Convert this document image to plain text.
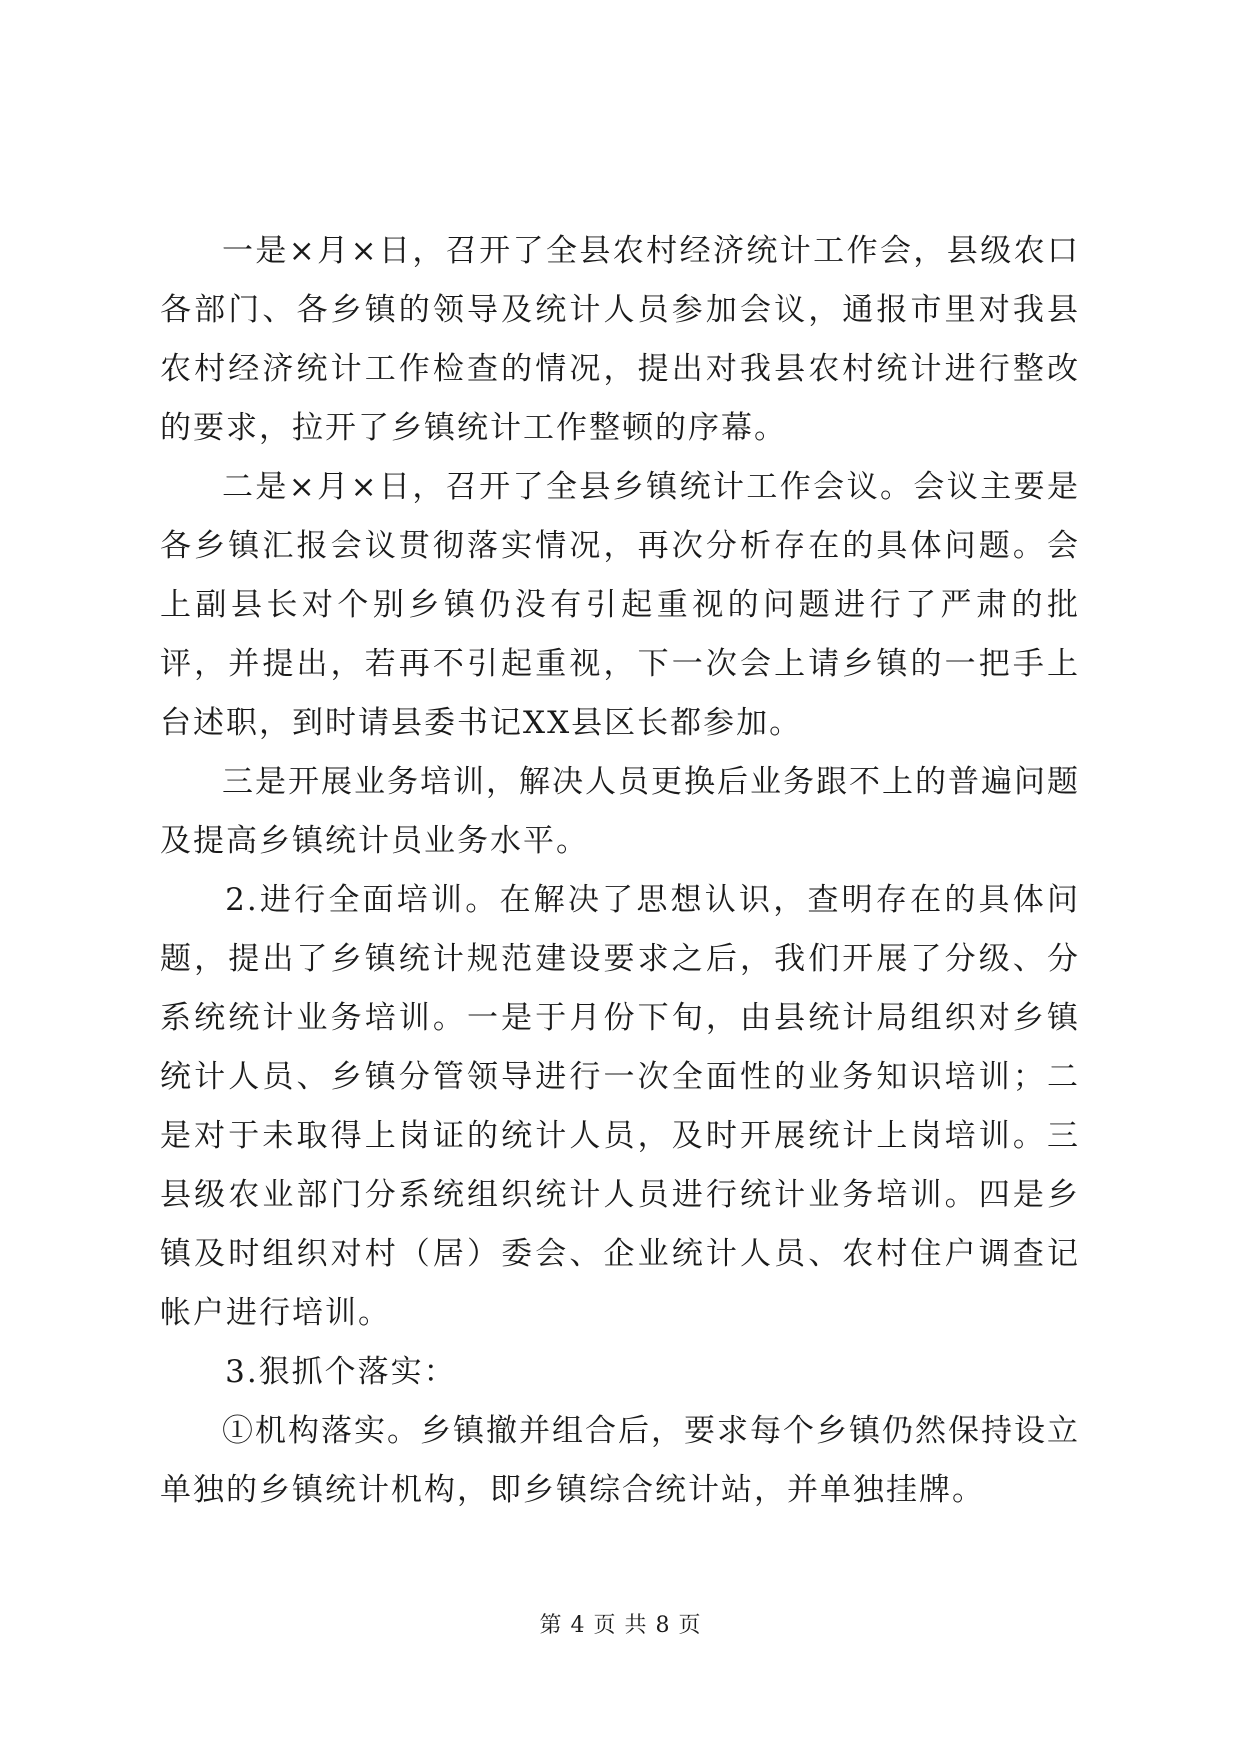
一是×月×日，召开了全县农村经济统计工作会，县级农口各部门、各乡镇的领导及统计人员参加会议，通报市里对我县农村经济统计工作检查的情况，提出对我县农村统计进行整改的要求，拉开了乡镇统计工作整顿的序幕。

二是×月×日，召开了全县乡镇统计工作会议。会议主要是各乡镇汇报会议贯彻落实情况，再次分析存在的具体问题。会上副县长对个别乡镇仍没有引起重视的问题进行了严肃的批评，并提出，若再不引起重视，下一次会上请乡镇的一把手上台述职，到时请县委书记XX县区长都参加。

三是开展业务培训，解决人员更换后业务跟不上的普遍问题及提高乡镇统计员业务水平。

2.进行全面培训。在解决了思想认识，查明存在的具体问题，提出了乡镇统计规范建设要求之后，我们开展了分级、分系统统计业务培训。一是于月份下旬，由县统计局组织对乡镇统计人员、乡镇分管领导进行一次全面性的业务知识培训；二是对于未取得上岗证的统计人员，及时开展统计上岗培训。三县级农业部门分系统组织统计人员进行统计业务培训。四是乡镇及时组织对村（居）委会、企业统计人员、农村住户调查记帐户进行培训。

3.狠抓个落实：

①机构落实。乡镇撤并组合后，要求每个乡镇仍然保持设立单独的乡镇统计机构，即乡镇综合统计站，并单独挂牌。

第 4 页 共 8 页
